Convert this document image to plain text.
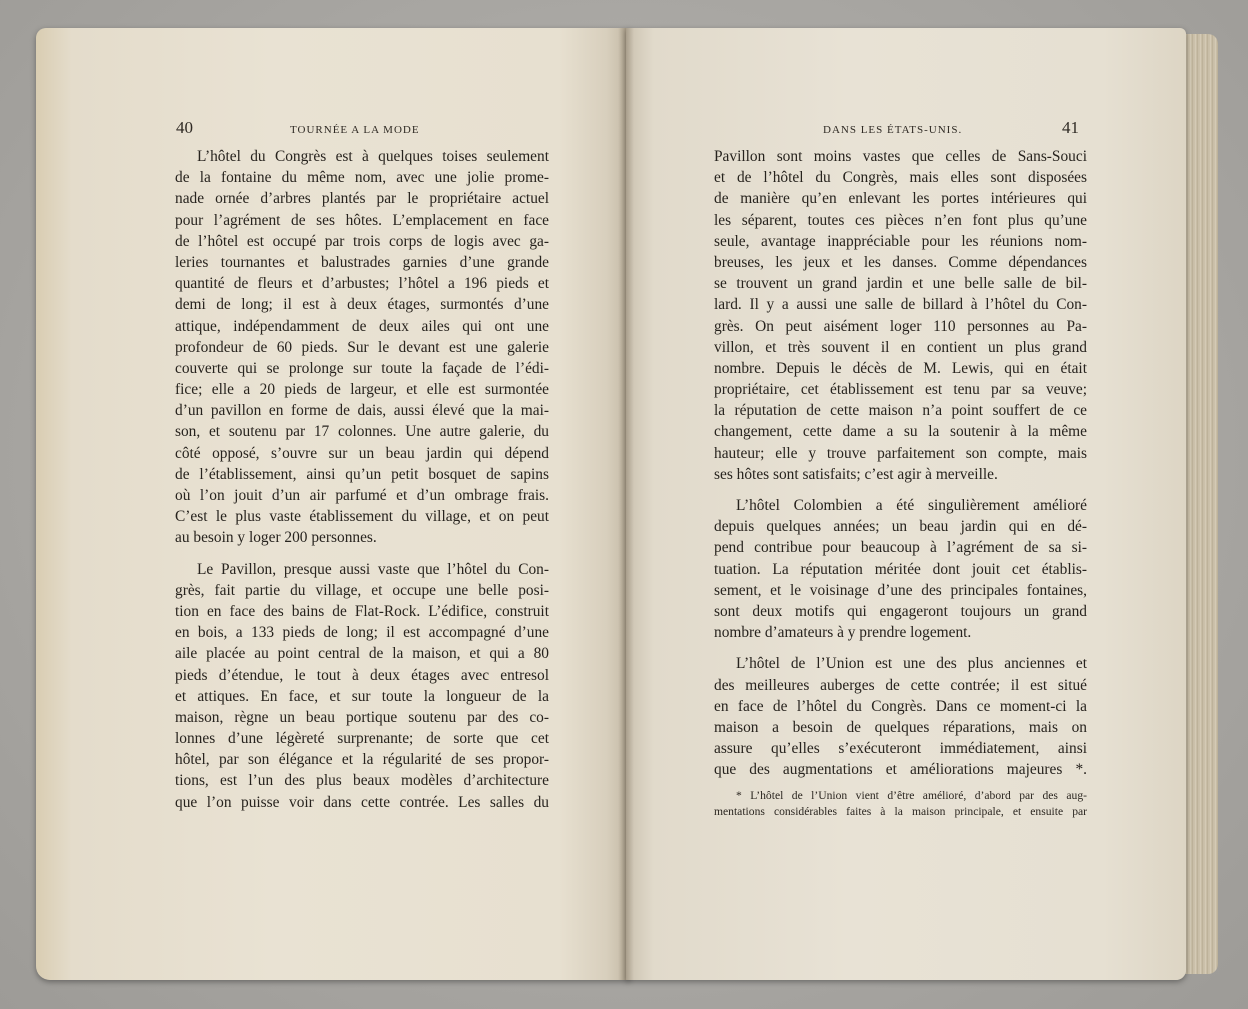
40	TOURNÉE A LA MODE	DANS LES ÉTATS-UNIS.	41
L’hôtel du Congrès est à quelques toises seulement
de la fontaine du même nom, avec une jolie prome-
nade ornée d’arbres plantés par le propriétaire actuel
pour l’agrément de ses hôtes. L’emplacement en face
de l’hôtel est occupé par trois corps de logis avec ga-
leries tournantes et balustrades garnies d’une grande
quantité de fleurs et d’arbustes; l’hôtel a 196 pieds et
demi de long; il est à deux étages, surmontés d’une
attique, indépendamment de deux ailes qui ont une
profondeur de 60 pieds. Sur le devant est une galerie
couverte qui se prolonge sur toute la façade de l’édi-
fice; elle a 20 pieds de largeur, et elle est surmontée
d’un pavillon en forme de dais, aussi élevé que la mai-
son, et soutenu par 17 colonnes. Une autre galerie, du
côté opposé, s’ouvre sur un beau jardin qui dépend
de l’établissement, ainsi qu’un petit bosquet de sapins
où l’on jouit d’un air parfumé et d’un ombrage frais.
C’est le plus vaste établissement du village, et on peut
au besoin y loger 200 personnes.
Le Pavillon, presque aussi vaste que l’hôtel du Con-
grès, fait partie du village, et occupe une belle posi-
tion en face des bains de Flat-Rock. L’édifice, construit
en bois, a 133 pieds de long; il est accompagné d’une
aile placée au point central de la maison, et qui a 80
pieds d’étendue, le tout à deux étages avec entresol
et attiques. En face, et sur toute la longueur de la
maison, règne un beau portique soutenu par des co-
lonnes d’une légèreté surprenante; de sorte que cet
hôtel, par son élégance et la régularité de ses propor-
tions, est l’un des plus beaux modèles d’architecture
que l’on puisse voir dans cette contrée. Les salles du
Pavillon sont moins vastes que celles de Sans-Souci
et de l’hôtel du Congrès, mais elles sont disposées
de manière qu’en enlevant les portes intérieures qui
les séparent, toutes ces pièces n’en font plus qu’une
seule, avantage inappréciable pour les réunions nom-
breuses, les jeux et les danses. Comme dépendances
se trouvent un grand jardin et une belle salle de bil-
lard. Il y a aussi une salle de billard à l’hôtel du Con-
grès. On peut aisément loger 110 personnes au Pa-
villon, et très souvent il en contient un plus grand
nombre. Depuis le décès de M. Lewis, qui en était
propriétaire, cet établissement est tenu par sa veuve;
la réputation de cette maison n’a point souffert de ce
changement, cette dame a su la soutenir à la même
hauteur; elle y trouve parfaitement son compte, mais
ses hôtes sont satisfaits; c’est agir à merveille.
L’hôtel Colombien a été singulièrement amélioré
depuis quelques années; un beau jardin qui en dé-
pend contribue pour beaucoup à l’agrément de sa si-
tuation. La réputation méritée dont jouit cet établis-
sement, et le voisinage d’une des principales fontaines,
sont deux motifs qui engageront toujours un grand
nombre d’amateurs à y prendre logement.
L’hôtel de l’Union est une des plus anciennes et
des meilleures auberges de cette contrée; il est situé
en face de l’hôtel du Congrès. Dans ce moment-ci la
maison a besoin de quelques réparations, mais on
assure qu’elles s’exécuteront immédiatement, ainsi
que des augmentations et améliorations majeures *.
* L’hôtel de l’Union vient d’être amélioré, d’abord par des aug-
mentations considérables faites à la maison principale, et ensuite par
